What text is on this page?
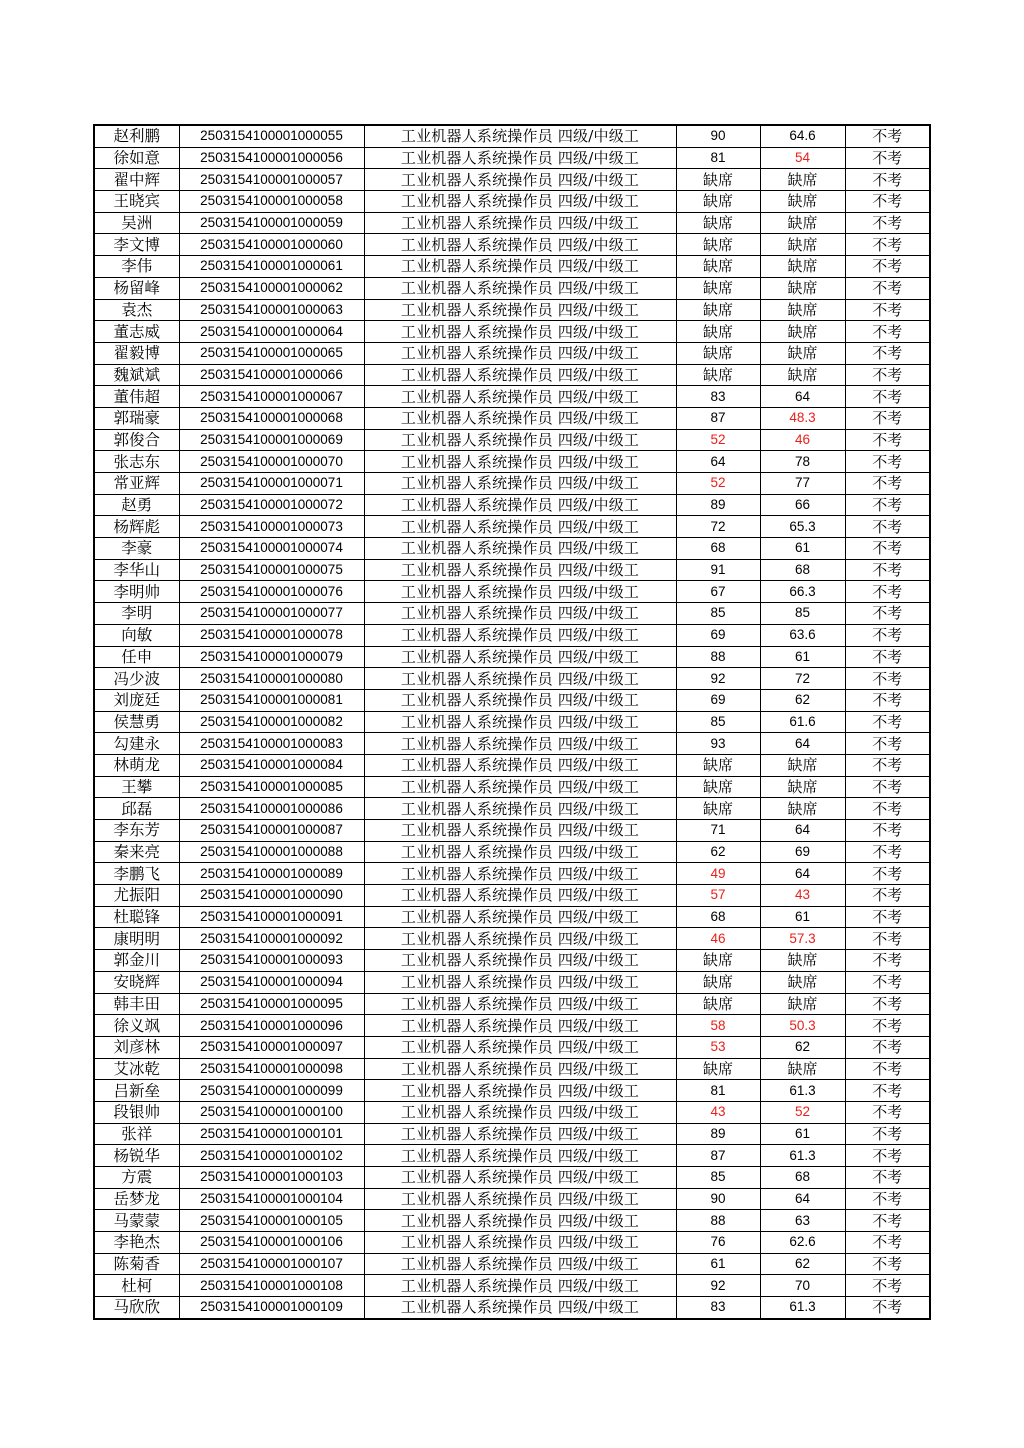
赵利鹏	2503154100001000055	工业机器人系统操作员 四级/中级工	90	64.6	不考
徐如意	2503154100001000056	工业机器人系统操作员 四级/中级工	81	54	不考
翟中辉	2503154100001000057	工业机器人系统操作员 四级/中级工	缺席	缺席	不考
王晓宾	2503154100001000058	工业机器人系统操作员 四级/中级工	缺席	缺席	不考
吴洲	2503154100001000059	工业机器人系统操作员 四级/中级工	缺席	缺席	不考
李文博	2503154100001000060	工业机器人系统操作员 四级/中级工	缺席	缺席	不考
李伟	2503154100001000061	工业机器人系统操作员 四级/中级工	缺席	缺席	不考
杨留峰	2503154100001000062	工业机器人系统操作员 四级/中级工	缺席	缺席	不考
袁杰	2503154100001000063	工业机器人系统操作员 四级/中级工	缺席	缺席	不考
董志威	2503154100001000064	工业机器人系统操作员 四级/中级工	缺席	缺席	不考
翟毅博	2503154100001000065	工业机器人系统操作员 四级/中级工	缺席	缺席	不考
魏斌斌	2503154100001000066	工业机器人系统操作员 四级/中级工	缺席	缺席	不考
董伟超	2503154100001000067	工业机器人系统操作员 四级/中级工	83	64	不考
郭瑞豪	2503154100001000068	工业机器人系统操作员 四级/中级工	87	48.3	不考
郭俊合	2503154100001000069	工业机器人系统操作员 四级/中级工	52	46	不考
张志东	2503154100001000070	工业机器人系统操作员 四级/中级工	64	78	不考
常亚辉	2503154100001000071	工业机器人系统操作员 四级/中级工	52	77	不考
赵勇	2503154100001000072	工业机器人系统操作员 四级/中级工	89	66	不考
杨辉彪	2503154100001000073	工业机器人系统操作员 四级/中级工	72	65.3	不考
李豪	2503154100001000074	工业机器人系统操作员 四级/中级工	68	61	不考
李华山	2503154100001000075	工业机器人系统操作员 四级/中级工	91	68	不考
李明帅	2503154100001000076	工业机器人系统操作员 四级/中级工	67	66.3	不考
李明	2503154100001000077	工业机器人系统操作员 四级/中级工	85	85	不考
向敏	2503154100001000078	工业机器人系统操作员 四级/中级工	69	63.6	不考
任申	2503154100001000079	工业机器人系统操作员 四级/中级工	88	61	不考
冯少波	2503154100001000080	工业机器人系统操作员 四级/中级工	92	72	不考
刘庞廷	2503154100001000081	工业机器人系统操作员 四级/中级工	69	62	不考
侯慧勇	2503154100001000082	工业机器人系统操作员 四级/中级工	85	61.6	不考
勾建永	2503154100001000083	工业机器人系统操作员 四级/中级工	93	64	不考
林萌龙	2503154100001000084	工业机器人系统操作员 四级/中级工	缺席	缺席	不考
王攀	2503154100001000085	工业机器人系统操作员 四级/中级工	缺席	缺席	不考
邱磊	2503154100001000086	工业机器人系统操作员 四级/中级工	缺席	缺席	不考
李东芳	2503154100001000087	工业机器人系统操作员 四级/中级工	71	64	不考
秦来亮	2503154100001000088	工业机器人系统操作员 四级/中级工	62	69	不考
李鹏飞	2503154100001000089	工业机器人系统操作员 四级/中级工	49	64	不考
尤振阳	2503154100001000090	工业机器人系统操作员 四级/中级工	57	43	不考
杜聪锋	2503154100001000091	工业机器人系统操作员 四级/中级工	68	61	不考
康明明	2503154100001000092	工业机器人系统操作员 四级/中级工	46	57.3	不考
郭金川	2503154100001000093	工业机器人系统操作员 四级/中级工	缺席	缺席	不考
安晓辉	2503154100001000094	工业机器人系统操作员 四级/中级工	缺席	缺席	不考
韩丰田	2503154100001000095	工业机器人系统操作员 四级/中级工	缺席	缺席	不考
徐义飒	2503154100001000096	工业机器人系统操作员 四级/中级工	58	50.3	不考
刘彦林	2503154100001000097	工业机器人系统操作员 四级/中级工	53	62	不考
艾冰乾	2503154100001000098	工业机器人系统操作员 四级/中级工	缺席	缺席	不考
吕新垒	2503154100001000099	工业机器人系统操作员 四级/中级工	81	61.3	不考
段银帅	2503154100001000100	工业机器人系统操作员 四级/中级工	43	52	不考
张祥	2503154100001000101	工业机器人系统操作员 四级/中级工	89	61	不考
杨锐华	2503154100001000102	工业机器人系统操作员 四级/中级工	87	61.3	不考
方震	2503154100001000103	工业机器人系统操作员 四级/中级工	85	68	不考
岳梦龙	2503154100001000104	工业机器人系统操作员 四级/中级工	90	64	不考
马蒙蒙	2503154100001000105	工业机器人系统操作员 四级/中级工	88	63	不考
李艳杰	2503154100001000106	工业机器人系统操作员 四级/中级工	76	62.6	不考
陈菊香	2503154100001000107	工业机器人系统操作员 四级/中级工	61	62	不考
杜柯	2503154100001000108	工业机器人系统操作员 四级/中级工	92	70	不考
马欣欣	2503154100001000109	工业机器人系统操作员 四级/中级工	83	61.3	不考
